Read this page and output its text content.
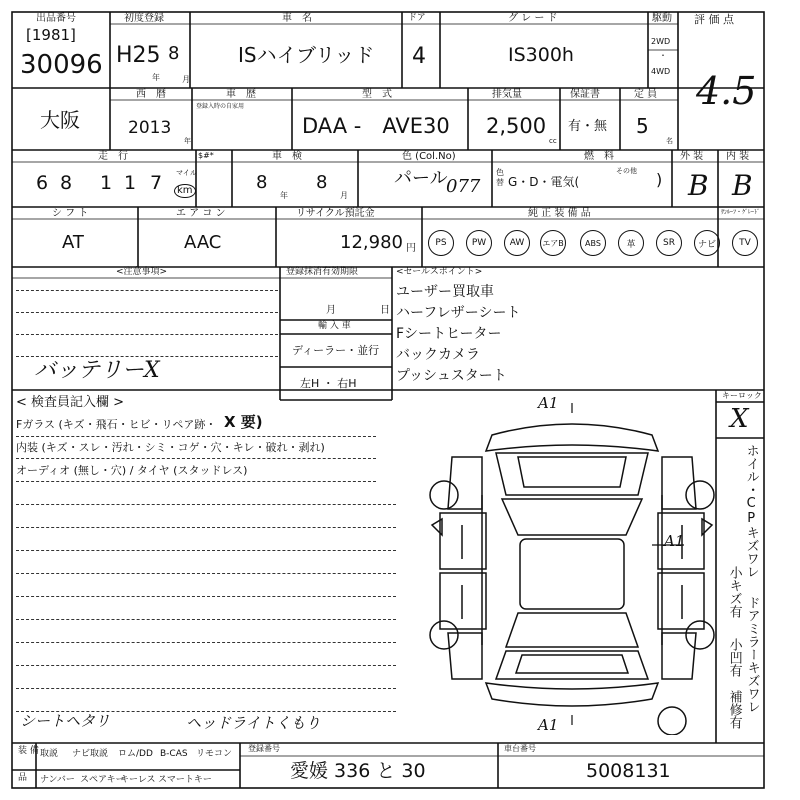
出品番号
[1981]
30096
初度登録
H25 8
年	月
車　名
ISハイブリッド
ドア
4
グ レ ー ド
IS300h
駆動
2WD
・
4WD
評 価 点
4.5
大阪
西　暦
2013
年
車　歴
登録入時の自家用
型　式
DAA -　AVE30
排気量
2,500
cc
保証書
有・無
定 員
5
名
走　行
6 8 1 1 7 マイル
km
$#*	車　検
8
年
8
月
色 (Col.No)
パール
077
色替
燃　料
G・D・電気(
その他 )
外 装
B
内 装
B
シ フ ト
AT
エ ア コ ン
AAC
リサイクル預託金
12,980 円
純 正 装 備 品	ｻﾝﾙｰﾌ・ｸﾞﾚｰﾄﾞ
PS	PW	AW	エアB	ABS	革	SR	ナビ	TV
<注意事項>
バッテリーX
登録抹消有効期限
月	日
輸 入 車
ディーラー・並行
左H ・ 右H
<セールスポイント>
ユーザー買取車
ハーフレザーシート
Fシートヒーター
バックカメラ
プッシュスタート
< 検査員記入欄 >
Fガラス (キズ・飛石・ヒビ・リペア跡・ X 要)
内装 (キズ・スレ・汚れ・シミ・コゲ・穴・キレ・破れ・剥れ)
オーディオ (無し・穴) / タイヤ (スタッドレス)
シートヘタリ	ヘッドライトくもり
A1
A1
A1
キーロック
X
ホイル・CPキズワレ
ドアミラーキズワレ
小キズ有
小凹有
補修有
装 備
品
取説 ナビ取説 ロム/DD B-CAS リモコン
ナンバー スペアキー
キーレス スマートキー
登録番号
愛媛 336 と 30
車台番号
5008131
